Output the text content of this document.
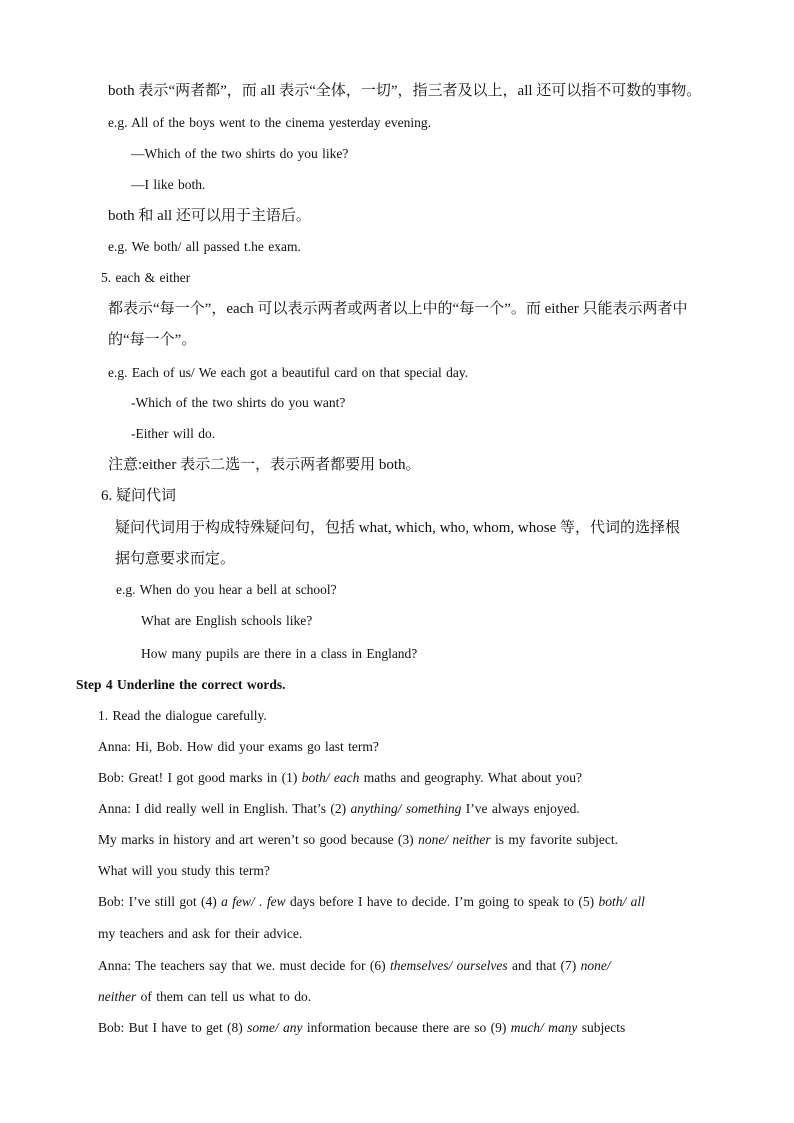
both 表示“两者都”，而 all 表示“全体，一切”，指三者及以上，all 还可以指不可数的事物。
e.g. All of the boys went to the cinema yesterday evening.
—Which of the two shirts do you like?
—I like both.
both 和 all 还可以用于主语后。
e.g. We both/ all passed t.he exam.
5. each & either
都表示“每一个”，each 可以表示两者或两者以上中的“每一个”。而 either 只能表示两者中
的“每一个”。
e.g. Each of us/ We each got a beautiful card on that special day.
-Which of the two shirts do you want?
-Either will do.
注意:either 表示二选一，表示两者都要用 both。
6. 疑问代词
疑问代词用于构成特殊疑问句，包括 what, which, who, whom, whose 等，代词的选择根
据句意要求而定。
e.g. When do you hear a bell at school?
What are English schools like?
How many pupils are there in a class in England?
Step 4 Underline the correct words.
1. Read the dialogue carefully.
Anna: Hi, Bob. How did your exams go last term?
Bob: Great! I got good marks in (1) both/ each maths and geography. What about you?
Anna: I did really well in English. That’s (2) anything/ something I’ve always enjoyed.
My marks in history and art weren’t so good because (3) none/ neither is my favorite subject.
What will you study this term?
Bob: I’ve still got (4) a few/ . few days before I have to decide. I’m going to speak to (5) both/ all
my teachers and ask for their advice.
Anna: The teachers say that we. must decide for (6) themselves/ ourselves and that (7) none/
neither of them can tell us what to do.
Bob: But I have to get (8) some/ any information because there are so (9) much/ many subjects
